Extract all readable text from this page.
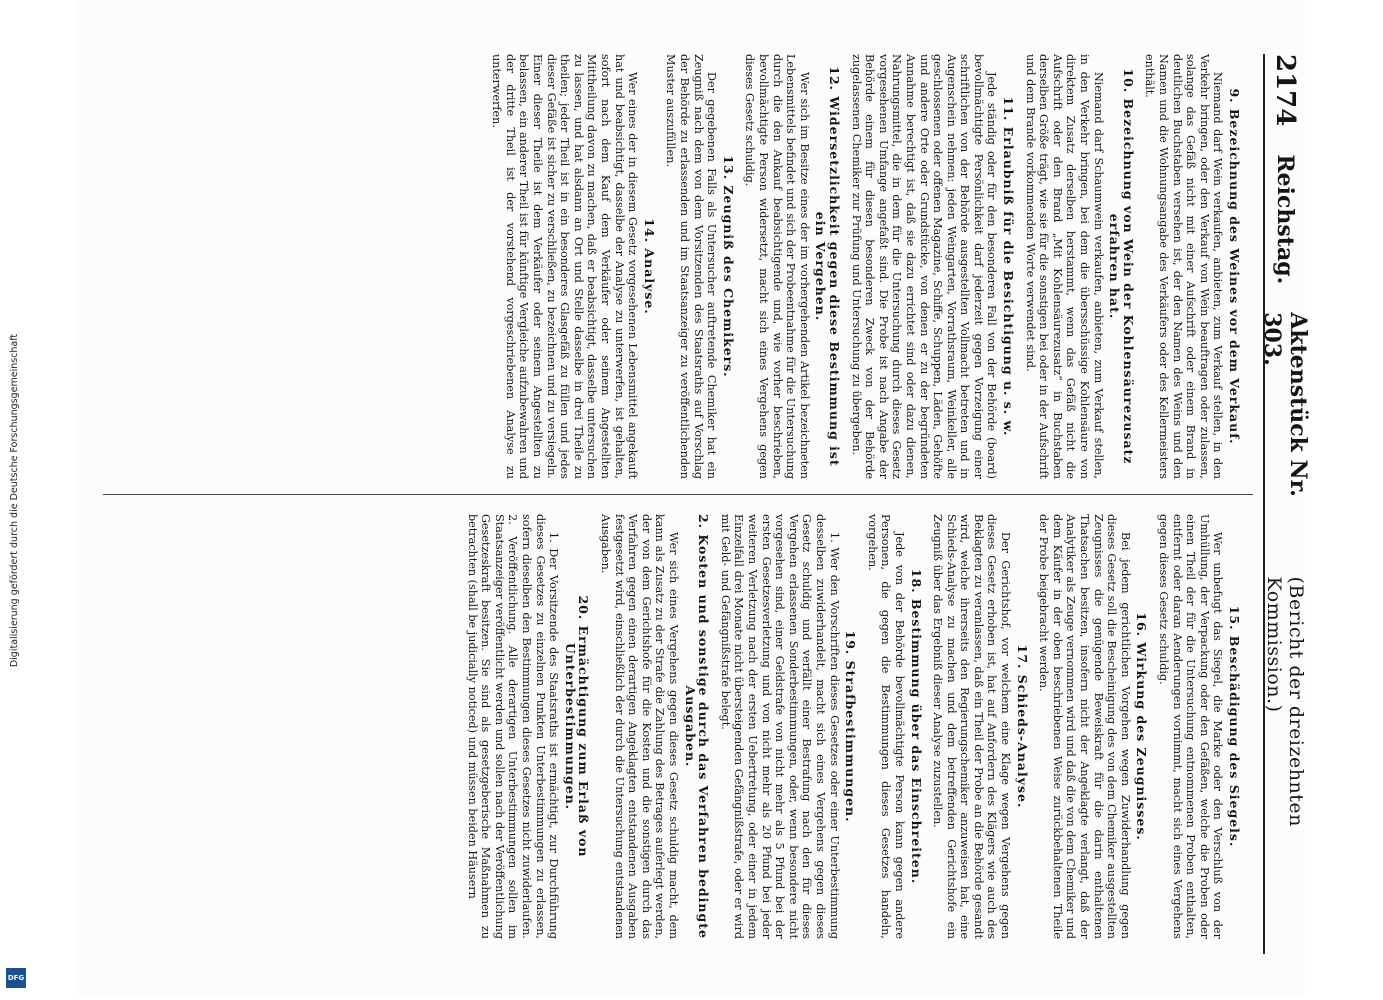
Digitalisierung gefördert durch die Deutsche Forschungsgemeinschaft
DFG
2174
Reichstag.
Aktenstück Nr. 303.
(Bericht der dreizehnten Kommission.)
9. Bezeichnung des Weines vor dem Verkauf.

Niemand darf Wein verkaufen, anbieten, zum Verkauf stellen, in den Verkehr bringen, oder den Verkauf von Wein beauftragen oder zulassen, solange das Gefäß nicht mit einer Aufschrift oder einem Brand in deutlichen Buchstaben versehen ist, der den Namen des Weins und den Namen und die Wohnungsangabe des Verkäufers oder des Kellermeisters enthält.

10. Bezeichnung von Wein der Kohlensäurezusatz erfahren hat.

Niemand darf Schaumwein verkaufen, anbieten, zum Verkauf stellen, in den Verkehr bringen, bei dem die übersschüssige Kohlensäure von direktem Zusatz derselben herstammt, wenn das Gefäß nicht die Aufschrift oder den Brand „Mit Kohlensäurezusatz“ in Buchstaben derselben Größe trägt, wie sie für die sonstigen bei oder in der Aufschrift und dem Brande vorkommenden Worte verwendet sind.

11. Erlaubniß für die Besichtigung u. s. w.

Jede ständig oder für den besonderen Fall von der Behörde (board) bevollmächtigte Persönlichkeit darf jederzeit gegen Vorzeigung einer schriftlichen von der Behörde ausgestellten Vollmacht betreten und in Augenschein nehmen: jeden Weingarten, Vorrathsraum, Weinkeller, alle geschlossenen oder offenen Magazine, Schiffe, Schuppen, Läden, Gehöfte und andere Orte oder Grundstücke, von denen er zu der begründeten Annahme berechtigt ist, daß sie dazu errichtet sind oder dazu dienen, Nahrungsmittel, die in dem für die Untersuchung durch dieses Gesetz vorgesehenen Umfange angefaßt sind. Die Probe ist nach Angabe der Behörde einem für diesen besonderen Zweck von der Behörde zugelassenen Chemiker zur Prüfung und Untersuchung zu übergeben.

12. Widersetzlichkeit gegen diese Bestimmung ist ein Vergehen.

Wer sich im Besitze eines der im vorhergehenden Artikel bezeichneten Lebensmittels befindet und sich der Probeentnahme für die Untersuchung durch die den Ankauf beabsichtigende und, wie vorher beschrieben, bevollmächtigte Person widersetzt, macht sich eines Vergehens gegen dieses Gesetz schuldig.

13. Zeugniß des Chemikers.

Der gegebenen Falls als Untersucher auftretende Chemiker hat ein Zeugniß nach dem von dem Vorsitzenden des Staatsraths auf Vorschlag der Behörde zu erlassenden und im Staatsanzeiger zu veröffentlichenden Muster auszufüllen.

14. Analyse.

Wer eines der in diesem Gesetz vorgesehenen Lebensmittel angekauft hat und beabsichtigt, dasselbe der Analyse zu unterwerfen, ist gehalten, sofort nach dem Kauf dem Verkäufer oder seinem Angestellten Mittheilung davon zu machen, daß er beabsichtigt, dasselbe untersuchen zu lassen, und hat alsdann an Ort und Stelle dasselbe in drei Theile zu theilen; jeder Theil ist in ein besonderes Glasgefäß zu füllen und jedes dieser Gefäße ist sicher zu verschließen, zu bezeichnen und zu versiegeln. Einer dieser Theile ist dem Verkäufer oder seinem Angestellten zu belassen, ein anderer Theil ist für künftige Vergleiche aufzubewahren und der dritte Theil ist der vorstehend vorgeschriebenen Analyse zu unterwerfen.

15. Beschädigung des Siegels.

Wer unbefugt das Siegel, die Marke oder den Verschluß von der Umhüllung, der Verpackung oder den Gefäßen, welche die Proben oder einen Theil der für die Untersuchung entnommenen Proben enthalten, entfernt oder daran Aenderungen vornimmt, macht sich eines Vergehens gegen dieses Gesetz schuldig.

16. Wirkung des Zeugnisses.

Bei jedem gerichtlichen Vorgehen wegen Zuwiderhandlung gegen dieses Gesetz soll die Bescheinigung des von dem Chemiker ausgestellten Zeugnisses die genügende Beweiskraft für die darin enthaltenen Thatsachen besitzen, insofern nicht der Angeklagte verlangt, daß der Analytiker als Zeuge vernommen wird und daß die von dem Chemiker und dem Käufer in der oben beschriebenen Weise zurückbehaltenen Theile der Probe beigebracht werden.

17. Schieds-Analyse.

Der Gerichtshof, vor welchem eine Klage wegen Vergehens gegen dieses Gesetz erhoben ist, hat auf Anfordern des Klägers wie auch des Beklagten zu veranlassen, daß ein Theil der Probe an die Behörde gesandt wird, welche ihrerseits den Regierungschemiker anzuweisen hat, eine Schieds-Analyse zu machen und dem betreffenden Gerichtshofe ein Zeugniß über das Ergebniß dieser Analyse zuzustellen.

18. Bestimmung über das Einschreiten.

Jede von der Behörde bevollmächtigte Person kann gegen andere Personen, die gegen die Bestimmungen dieses Gesetzes handeln, vorgehen.

19. Strafbestimmungen.

1. Wer den Vorschriften dieses Gesetzes oder einer Unterbestimmung desselben zuwiderhandelt, macht sich eines Vergehens gegen dieses Gesetz schuldig und verfällt einer Bestrafung nach den für dieses Vergehen erlassenen Sonderbestimmungen, oder, wenn besondere nicht vorgesehen sind, einer Geldstrafe von nicht mehr als 5 Pfund bei der ersten Gesetzesverletzung und von nicht mehr als 20 Pfund bei jeder weiteren Verletzung nach der ersten Uebertretung, oder einer in jedem Einzelfall drei Monate nicht übersteigenden Gefängnißstrafe, oder er wird mit Geld- und Gefängnißstrafe belegt.

2. Kosten und sonstige durch das Verfahren bedingte Ausgaben.

Wer sich eines Vergehens gegen dieses Gesetz schuldig macht, dem kann als Zusatz zu der Strafe die Zahlung des Betrages auferlegt werden, der von dem Gerichtshofe für die Kosten und die sonstigen durch das Verfahren gegen einen derartigen Angeklagten entstandenen Ausgaben festgesetzt wird, einschließlich der durch die Untersuchung entstandenen Ausgaben.

20. Ermächtigung zum Erlaß von Unterbestimmungen.

1. Der Vorsitzende des Staatsraths ist ermächtigt, zur Durchführung dieses Gesetzes zu einzelnen Punkten Unterbestimmungen zu erlassen, sofern dieselben den Bestimmungen dieses Gesetzes nicht zuwiderlaufen. 2. Veröffentlichung. Alle derartigen Unterbestimmungen sollen im Staatsanzeiger veröffentlicht werden und sollen nach der Veröffentlichung Gesetzeskraft besitzen. Sie sind als gesetzgeberische Maßnahmen zu betrachten (shall be judicially noticed) und müssen beiden Häusern
